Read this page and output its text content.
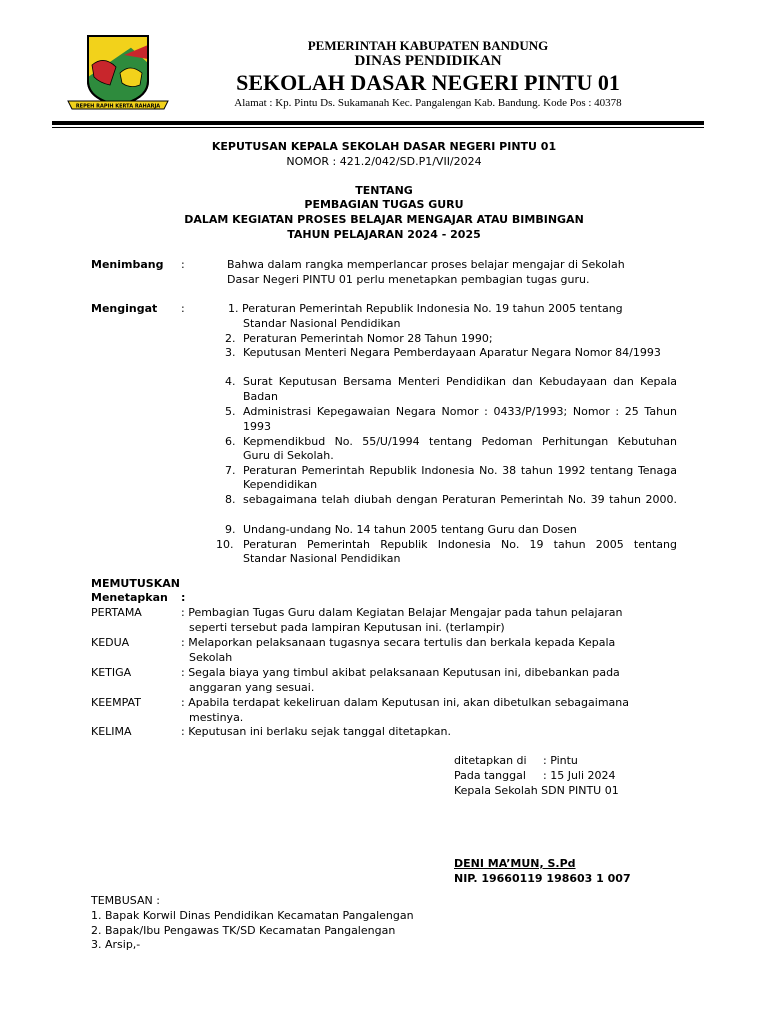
REPEH RAPIH KERTA RAHARJA
PEMERINTAH KABUPATEN BANDUNG
DINAS PENDIDIKAN
SEKOLAH DASAR NEGERI PINTU 01
Alamat : Kp. Pintu Ds. Sukamanah Kec. Pangalengan Kab. Bandung. Kode Pos : 40378
KEPUTUSAN KEPALA SEKOLAH DASAR NEGERI PINTU 01
NOMOR : 421.2/042/SD.P1/VII/2024
TENTANG
PEMBAGIAN TUGAS GURU
DALAM KEGIATAN PROSES BELAJAR MENGAJAR ATAU BIMBINGAN
TAHUN PELAJARAN 2024 - 2025
Menimbang :	Bahwa dalam rangka memperlancar proses belajar mengajar di Sekolah
Dasar Negeri PINTU 01 perlu menetapkan pembagian tugas guru.
Mengingat :	1. Peraturan Pemerintah Republik Indonesia No. 19 tahun 2005 tentang
Standar Nasional Pendidikan
2. Peraturan Pemerintah Nomor 28 Tahun 1990;
3. Keputusan Menteri Negara Pemberdayaan Aparatur Negara Nomor 84/1993
4. Surat Keputusan Bersama Menteri Pendidikan dan Kebudayaan dan Kepala
Badan
5. Administrasi Kepegawaian Negara Nomor : 0433/P/1993; Nomor : 25 Tahun
1993
6. Kepmendikbud No. 55/U/1994 tentang Pedoman Perhitungan Kebutuhan
Guru di Sekolah.
7. Peraturan Pemerintah Republik Indonesia No. 38 tahun 1992 tentang Tenaga
Kependidikan
8. sebagaimana telah diubah dengan Peraturan Pemerintah No. 39 tahun 2000.
9. Undang-undang No. 14 tahun 2005 tentang Guru dan Dosen
10. Peraturan Pemerintah Republik Indonesia No. 19 tahun 2005 tentang
Standar Nasional Pendidikan
MEMUTUSKAN
Menetapkan :
PERTAMA	: Pembagian Tugas Guru dalam Kegiatan Belajar Mengajar pada tahun pelajaran
seperti tersebut pada lampiran Keputusan ini. (terlampir)
KEDUA	: Melaporkan pelaksanaan tugasnya secara tertulis dan berkala kepada Kepala
Sekolah
KETIGA	: Segala biaya yang timbul akibat pelaksanaan Keputusan ini, dibebankan pada
anggaran yang sesuai.
KEEMPAT	: Apabila terdapat kekeliruan dalam Keputusan ini, akan dibetulkan sebagaimana
mestinya.
KELIMA	: Keputusan ini berlaku sejak tanggal ditetapkan.
ditetapkan di : Pintu
Pada tanggal : 15 Juli 2024
Kepala Sekolah SDN PINTU 01
DENI MA’MUN, S.Pd
NIP. 19660119 198603 1 007
TEMBUSAN :
1. Bapak Korwil Dinas Pendidikan Kecamatan Pangalengan
2. Bapak/Ibu Pengawas TK/SD Kecamatan Pangalengan
3. Arsip,-
